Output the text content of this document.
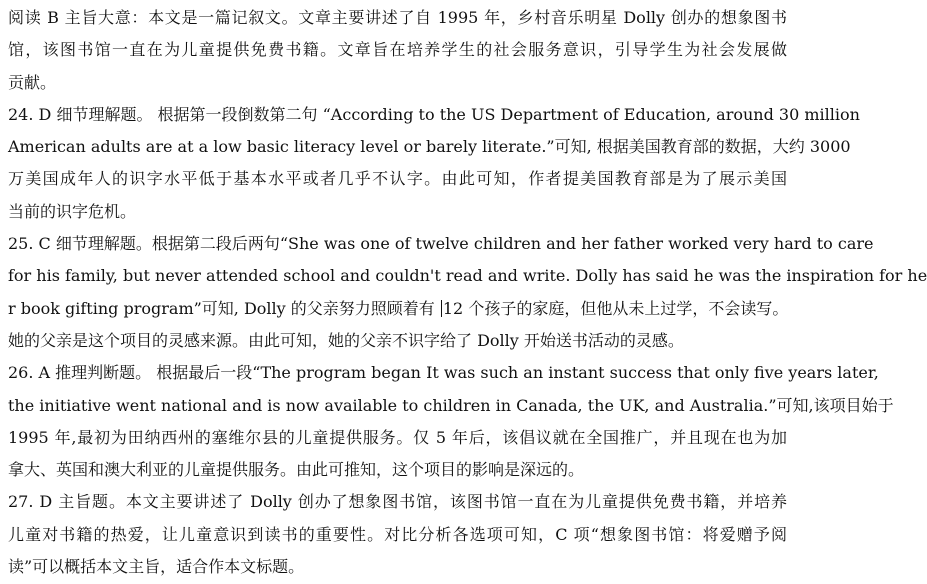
阅读 B 主旨大意：本文是一篇记叙文。文章主要讲述了自 1995 年，乡村音乐明星 Dolly 创办的想象图书
馆，该图书馆一直在为儿童提供免费书籍。文章旨在培养学生的社会服务意识，引导学生为社会发展做
贡献。
24. D 细节理解题。 根据第一段倒数第二句 “According to the US Department of Education, around 30 million
American adults are at a low basic literacy level or barely literate.”可知, 根据美国教育部的数据，大约 3000
万美国成年人的识字水平低于基本水平或者几乎不认字。由此可知，作者提美国教育部是为了展示美国
当前的识字危机。
25. C 细节理解题。根据第二段后两句“She was one of twelve children and her father worked very hard to care
for his family, but never attended school and couldn't read and write. Dolly has said he was the inspiration for he
r book gifting program”可知, Dolly 的父亲努力照顾着有 12 个孩子的家庭，但他从未上过学，不会读写。
她的父亲是这个项目的灵感来源。由此可知，她的父亲不识字给了 Dolly 开始送书活动的灵感。
26. A 推理判断题。 根据最后一段“The program began It was such an instant success that only five years later,
the initiative went national and is now available to children in Canada, the UK, and Australia.”可知,该项目始于
1995 年,最初为田纳西州的塞维尔县的儿童提供服务。仅 5 年后，该倡议就在全国推广，并且现在也为加
拿大、英国和澳大利亚的儿童提供服务。由此可推知，这个项目的影响是深远的。
27. D 主旨题。本文主要讲述了 Dolly 创办了想象图书馆，该图书馆一直在为儿童提供免费书籍，并培养
儿童对书籍的热爱，让儿童意识到读书的重要性。对比分析各选项可知，C 项“想象图书馆：将爱赠予阅
读”可以概括本文主旨，适合作本文标题。
